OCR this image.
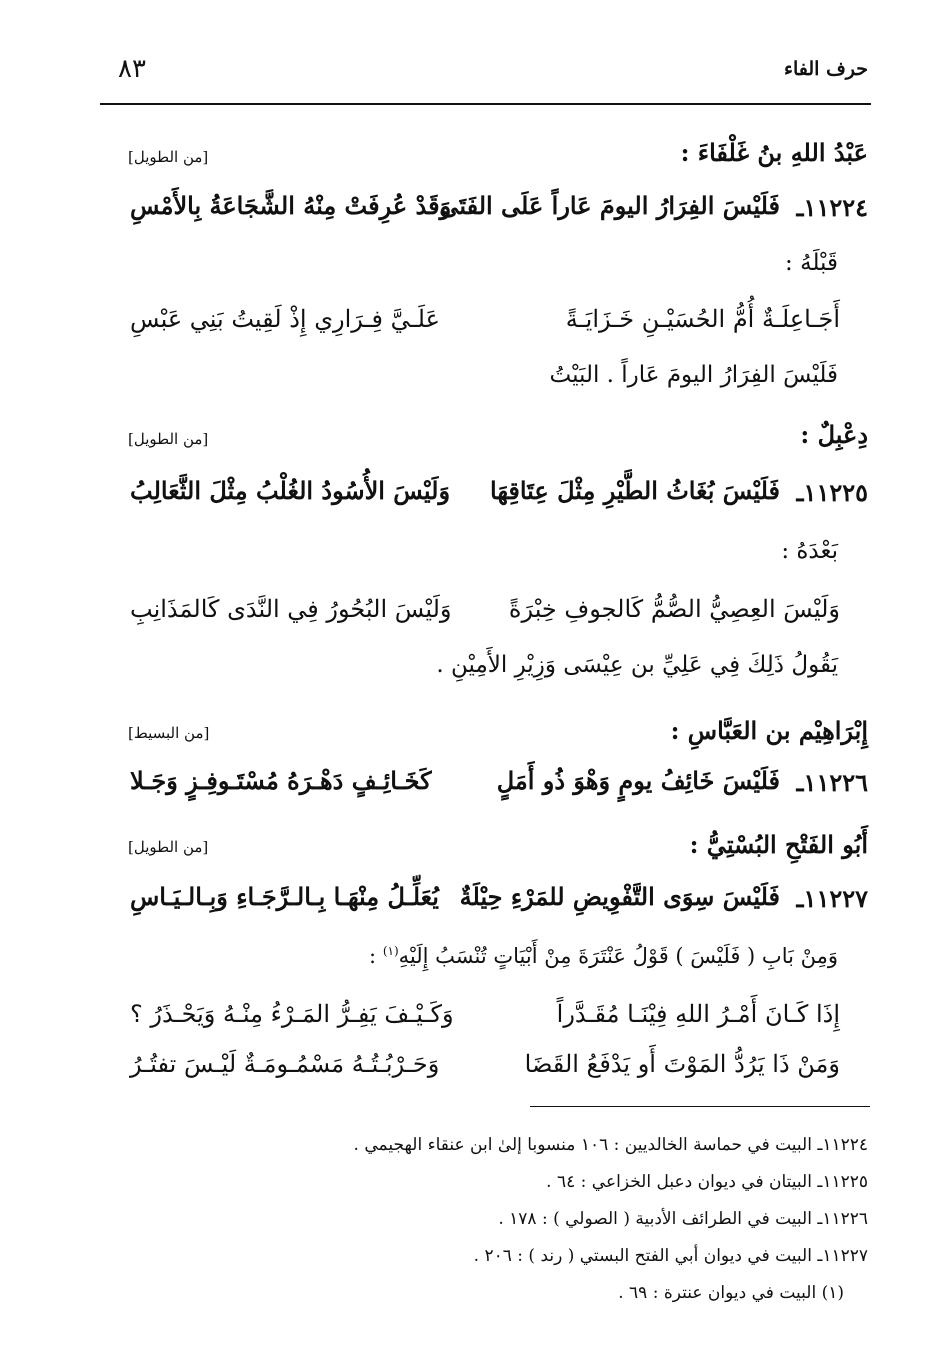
حرف الفاء
٨٣
عَبْدُ اللهِ بنُ غَلْفَاءَ :
[من الطويل]
١١٢٢٤ـ
فَلَيْسَ الفِرَارُ اليومَ عَاراً عَلَى الفَتَى
وَقَدْ عُرِفَتْ مِنْهُ الشَّجَاعَةُ بِالأَمْسِ
قَبْلَهُ :
أَجَـاعِلَـةٌ أُمُّ الحُسَيْـنِ خَـزَايَـةً
عَلَـيَّ فِـرَارِي إِذْ لَقِيتُ بَنِي عَبْسِ
فَلَيْسَ الفِرَارُ اليومَ عَاراً . البَيْتُ
دِعْبِلٌ :
[من الطويل]
١١٢٢٥ـ
فَلَيْسَ بُغَاثُ الطَّيْرِ مِثْلَ عِتَاقِهَا
وَلَيْسَ الأُسُودُ الغُلْبُ مِثْلَ الثَّعَالِبُ
بَعْدَهُ :
وَلَيْسَ العِصِيُّ الصُّمُّ كَالجوفِ خِبْرَةً
وَلَيْسَ البُحُورُ فِي النَّدَى كَالمَذَانِبِ
يَقُولُ ذَلِكَ فِي عَلِيِّ بن عِيْسَى وَزِيْرِ الأَمِيْنِ .
إِبْرَاهِيْم بن العَبَّاسِ :
[من البسيط]
١١٢٢٦ـ
فَلَيْسَ خَائِفُ يومٍ وَهْوَ ذُو أَمَلٍ
كَخَـائِـفٍ دَهْـرَهُ مُسْتَـوفِـزٍ وَجَـلا
أَبُو الفَتْحِ البُسْتِيُّ :
[من الطويل]
١١٢٢٧ـ
فَلَيْسَ سِوَى التَّفْوِيضِ للمَرْءِ حِيْلَةٌ
يُعَلِّـلُ مِنْهَـا بِـالـرَّجَـاءِ وَبِـالـيَـاسِ
وَمِنْ بَابِ ( فَلَيْسَ ) قَوْلُ عَنْتَرَةَ مِنْ أَبْيَاتٍ تُنْسَبُ إِلَيْهِ$^{(١)}$ :
إِذَا كَـانَ أَمْـرُ اللهِ فِيْنَـا مُقَـدَّراً
وَكَـيْـفَ يَفِـرُّ المَـرْءُ مِنْـهُ وَيَحْـذَرُ ؟
وَمَنْ ذَا يَرُدُّ المَوْتَ أَو يَدْفَعُ القَضَا
وَحَـرْبُـتُـهُ مَسْمُـومَـةٌ لَيْـسَ تفتُـرُ
١١٢٢٤ـ البيت في حماسة الخالديين : ١٠٦ منسوبا إلىٰ ابن عنقاء الهجيمي .
١١٢٢٥ـ البيتان في ديوان دعبل الخزاعي : ٦٤ .
١١٢٢٦ـ البيت في الطرائف الأدبية ( الصولي ) : ١٧٨ .
١١٢٢٧ـ البيت في ديوان أبي الفتح البستي ( رند ) : ٢٠٦ .
(١) البيت في ديوان عنترة : ٦٩ .
